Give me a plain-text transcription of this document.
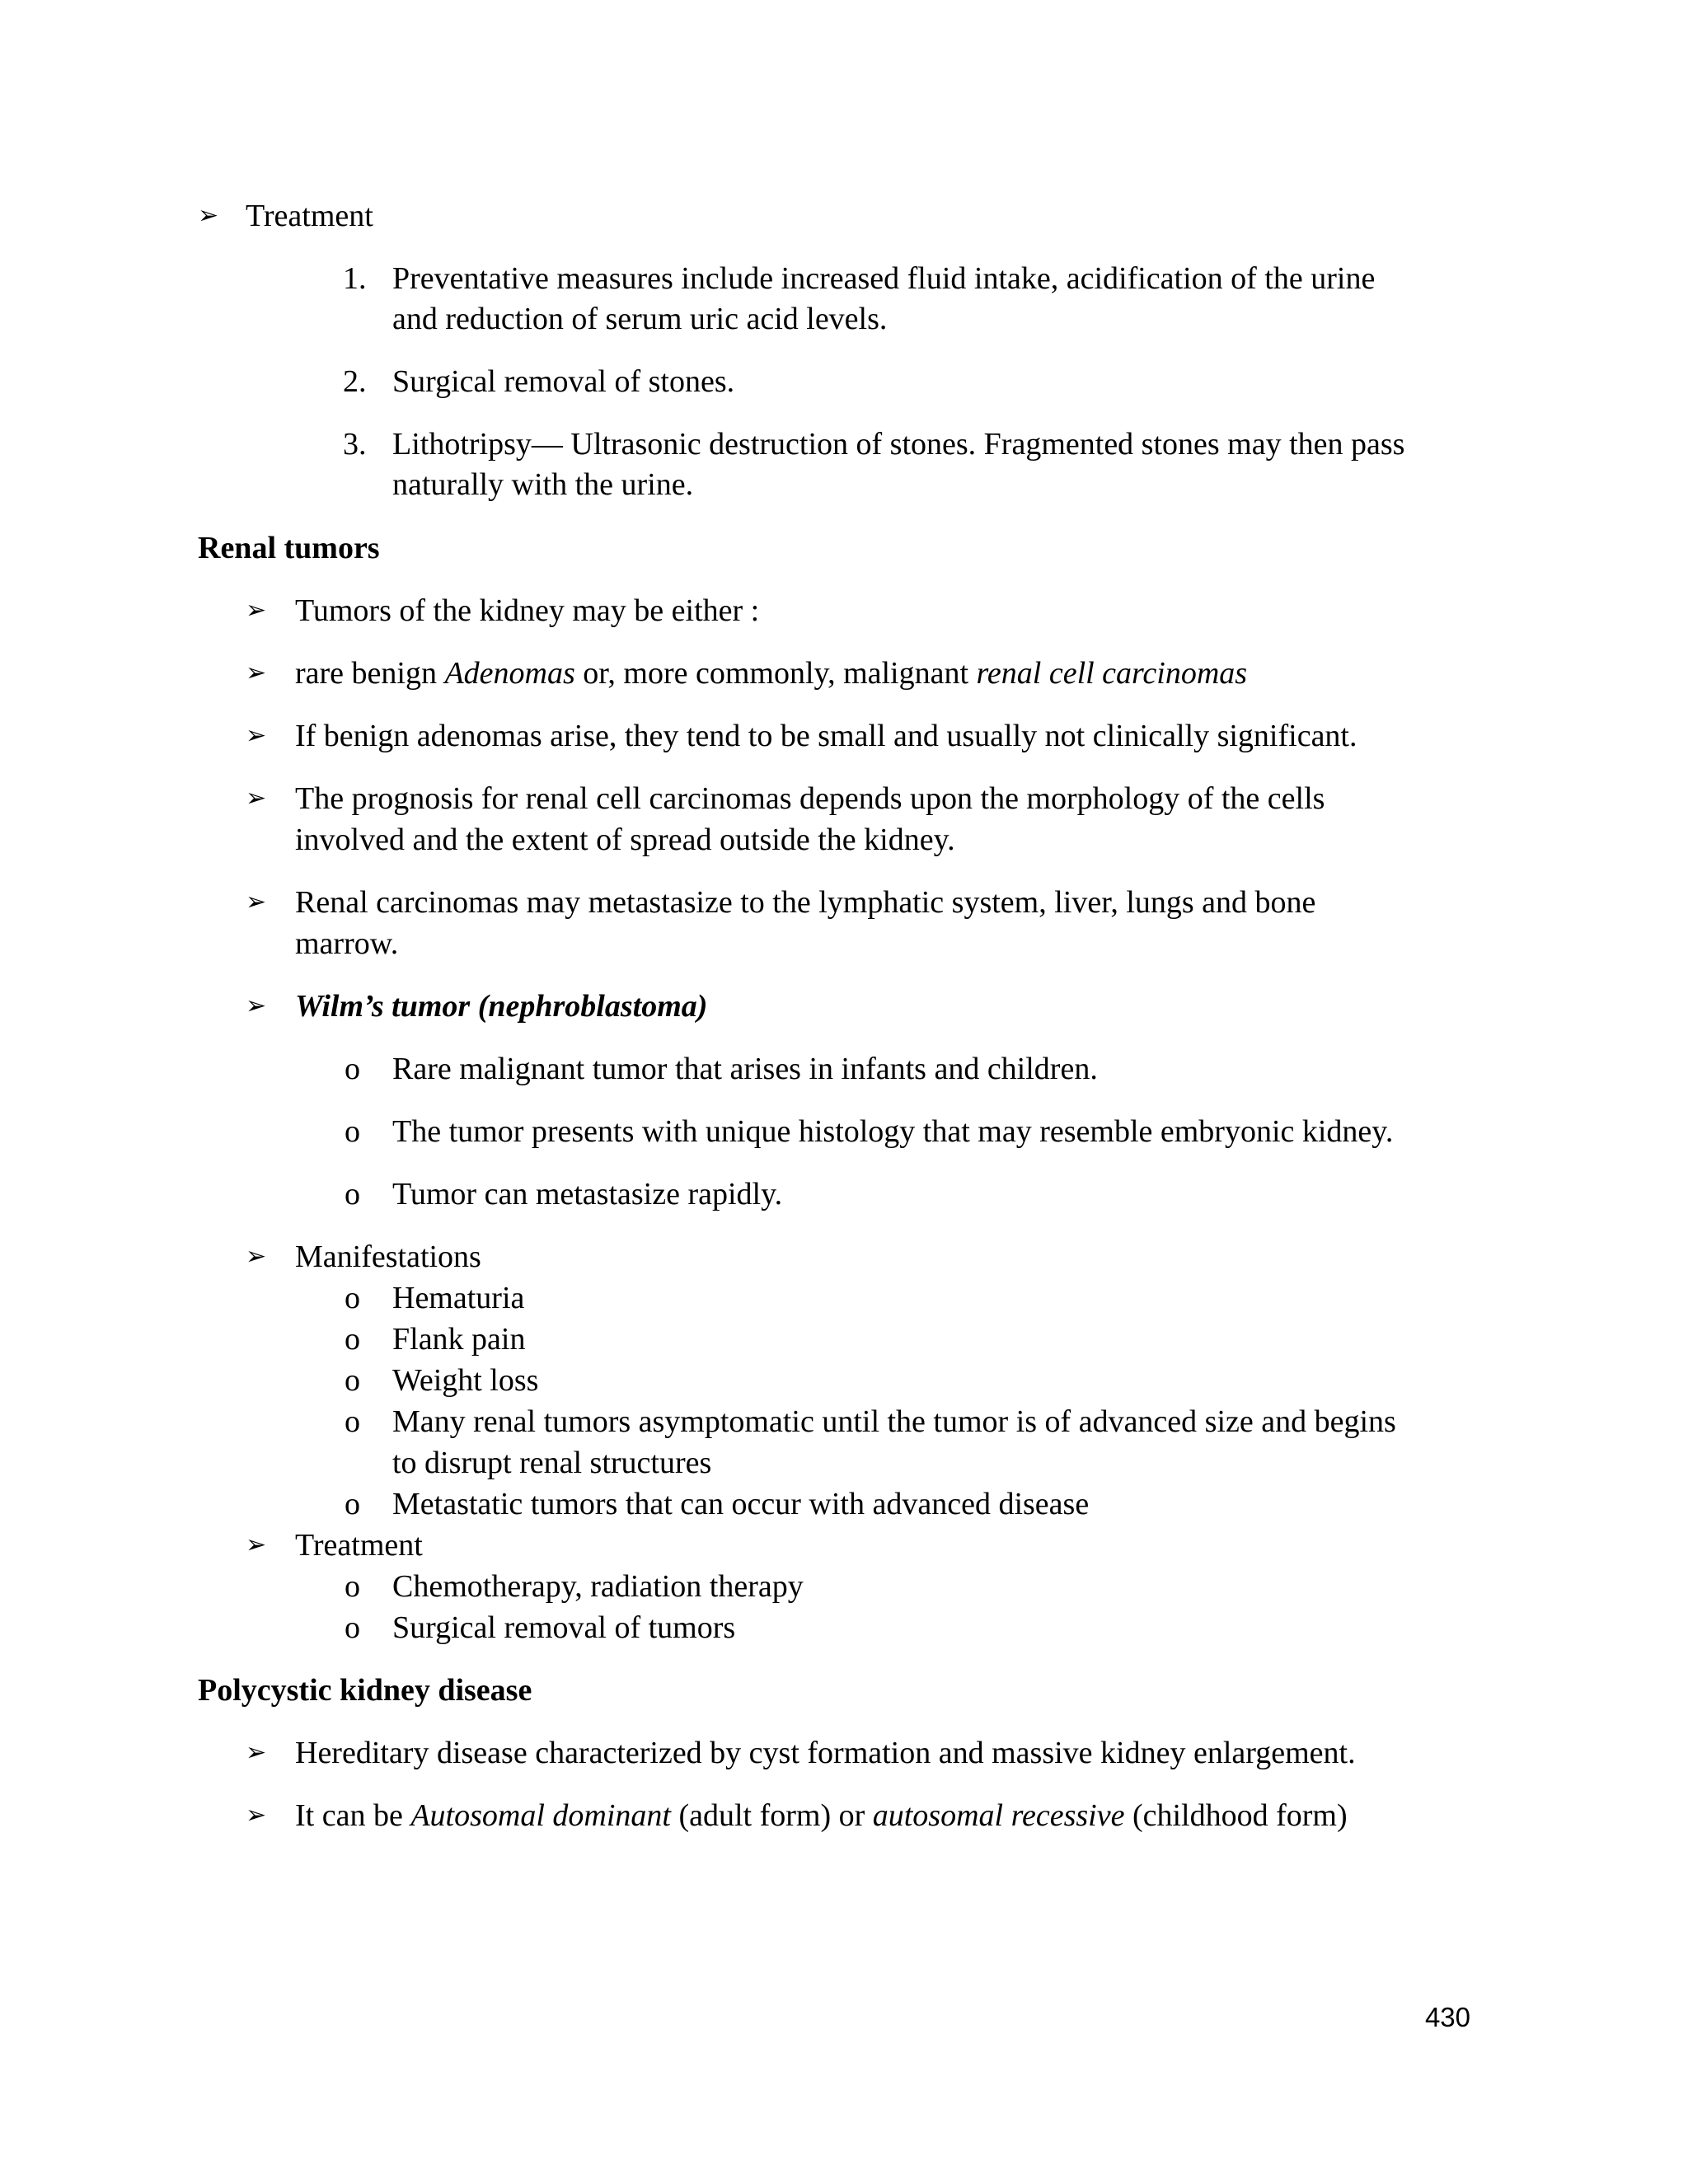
➢ Treatment
1. Preventative measures include increased fluid intake, acidification of the urine
and reduction of serum uric acid levels.
2. Surgical removal of stones.
3. Lithotripsy— Ultrasonic destruction of stones. Fragmented stones may then pass
naturally with the urine.
Renal tumors
➢ Tumors of the kidney may be either :
➢ rare benign Adenomas or, more commonly, malignant renal cell carcinomas
➢ If benign adenomas arise, they tend to be small and usually not clinically significant.
➢ The prognosis for renal cell carcinomas depends upon the morphology of the cells
involved and the extent of spread outside the kidney.
➢ Renal carcinomas may metastasize to the lymphatic system, liver, lungs and bone
marrow.
➢ Wilm’s tumor (nephroblastoma)
o Rare malignant tumor that arises in infants and children.
o The tumor presents with unique histology that may resemble embryonic kidney.
o Tumor can metastasize rapidly.
➢ Manifestations
o Hematuria
o Flank pain
o Weight loss
o Many renal tumors asymptomatic until the tumor is of advanced size and begins
to disrupt renal structures
o Metastatic tumors that can occur with advanced disease
➢ Treatment
o Chemotherapy, radiation therapy
o Surgical removal of tumors
Polycystic kidney disease
➢ Hereditary disease characterized by cyst formation and massive kidney enlargement.
➢ It can be Autosomal dominant (adult form) or autosomal recessive (childhood form)
430
